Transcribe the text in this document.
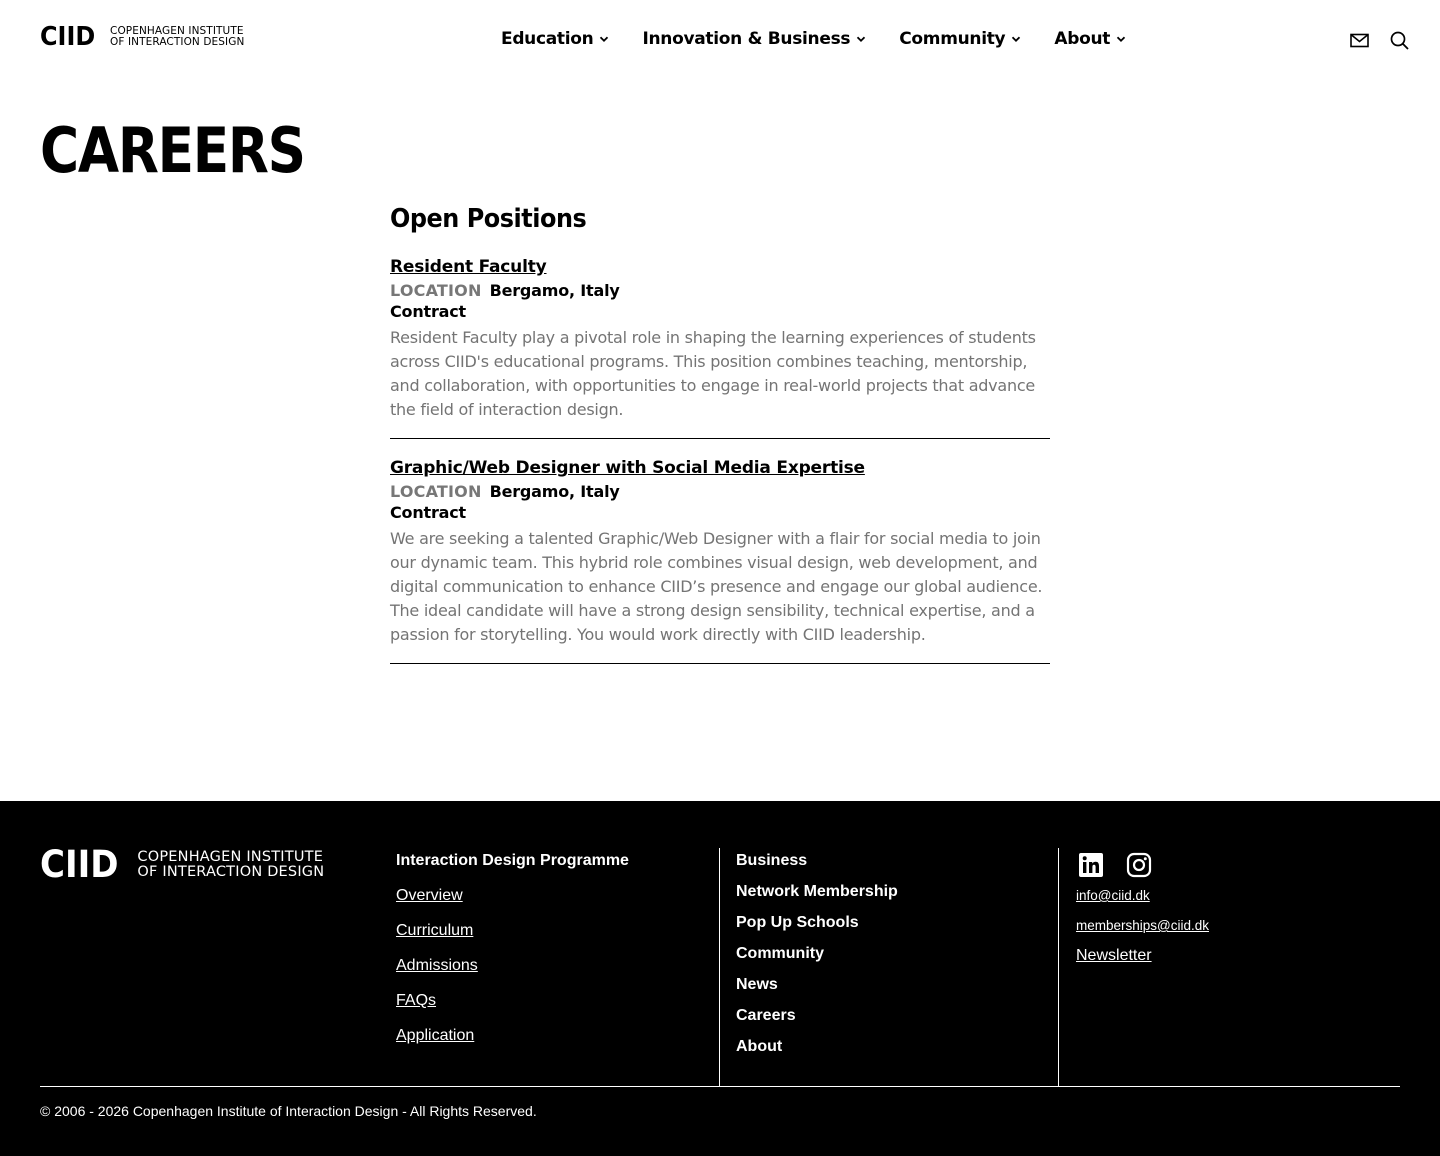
CIID COPENHAGEN INSTITUTE
OF INTERACTION DESIGN	Education	Innovation & Business	Community	About
CAREERS
Open Positions
Resident Faculty
LOCATION Bergamo, Italy
Contract

Resident Faculty play a pivotal role in shaping the learning experiences of students across CIID's educational programs. This position combines teaching, mentorship, and collaboration, with opportunities to engage in real-world projects that advance the field of interaction design.

Graphic/Web Designer with Social Media Expertise
LOCATION Bergamo, Italy
Contract

We are seeking a talented Graphic/Web Designer with a flair for social media to join our dynamic team. This hybrid role combines visual design, web development, and digital communication to enhance CIID’s presence and engage our global audience. The ideal candidate will have a strong design sensibility, technical expertise, and a passion for storytelling. You would work directly with CIID leadership.

CIID COPENHAGEN INSTITUTE
OF INTERACTION DESIGN
Interaction Design Programme
Overview
Curriculum
Admissions
FAQs
Application
Business
Network Membership
Pop Up Schools
Community
News
Careers
About
info@ciid.dk
memberships@ciid.dk
Newsletter
© 2006 - 2026 Copenhagen Institute of Interaction Design - All Rights Reserved.
